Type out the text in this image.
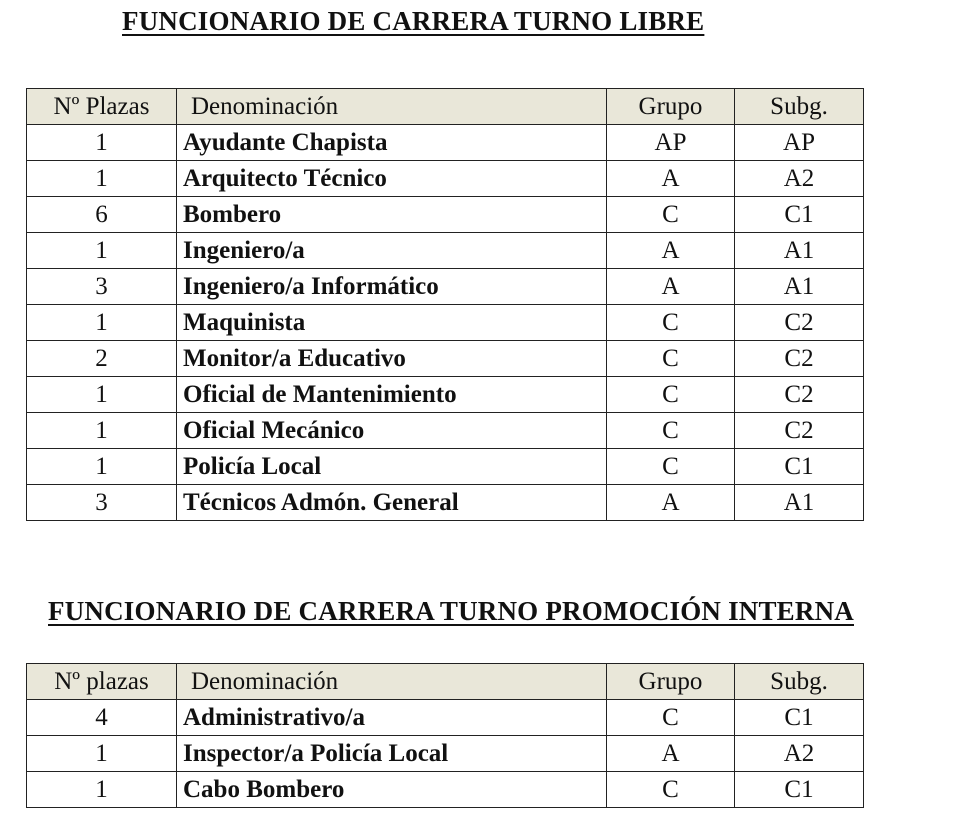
FUNCIONARIO DE CARRERA TURNO LIBRE
Nº Plazas	Denominación	Grupo	Subg.
1	Ayudante Chapista	AP	AP
1	Arquitecto Técnico	A	A2
6	Bombero	C	C1
1	Ingeniero/a	A	A1
3	Ingeniero/a Informático	A	A1
1	Maquinista	C	C2
2	Monitor/a Educativo	C	C2
1	Oficial de Mantenimiento	C	C2
1	Oficial Mecánico	C	C2
1	Policía Local	C	C1
3	Técnicos Admón. General	A	A1
FUNCIONARIO DE CARRERA TURNO PROMOCIÓN INTERNA
Nº plazas	Denominación	Grupo	Subg.
4	Administrativo/a	C	C1
1	Inspector/a Policía Local	A	A2
1	Cabo Bombero	C	C1
